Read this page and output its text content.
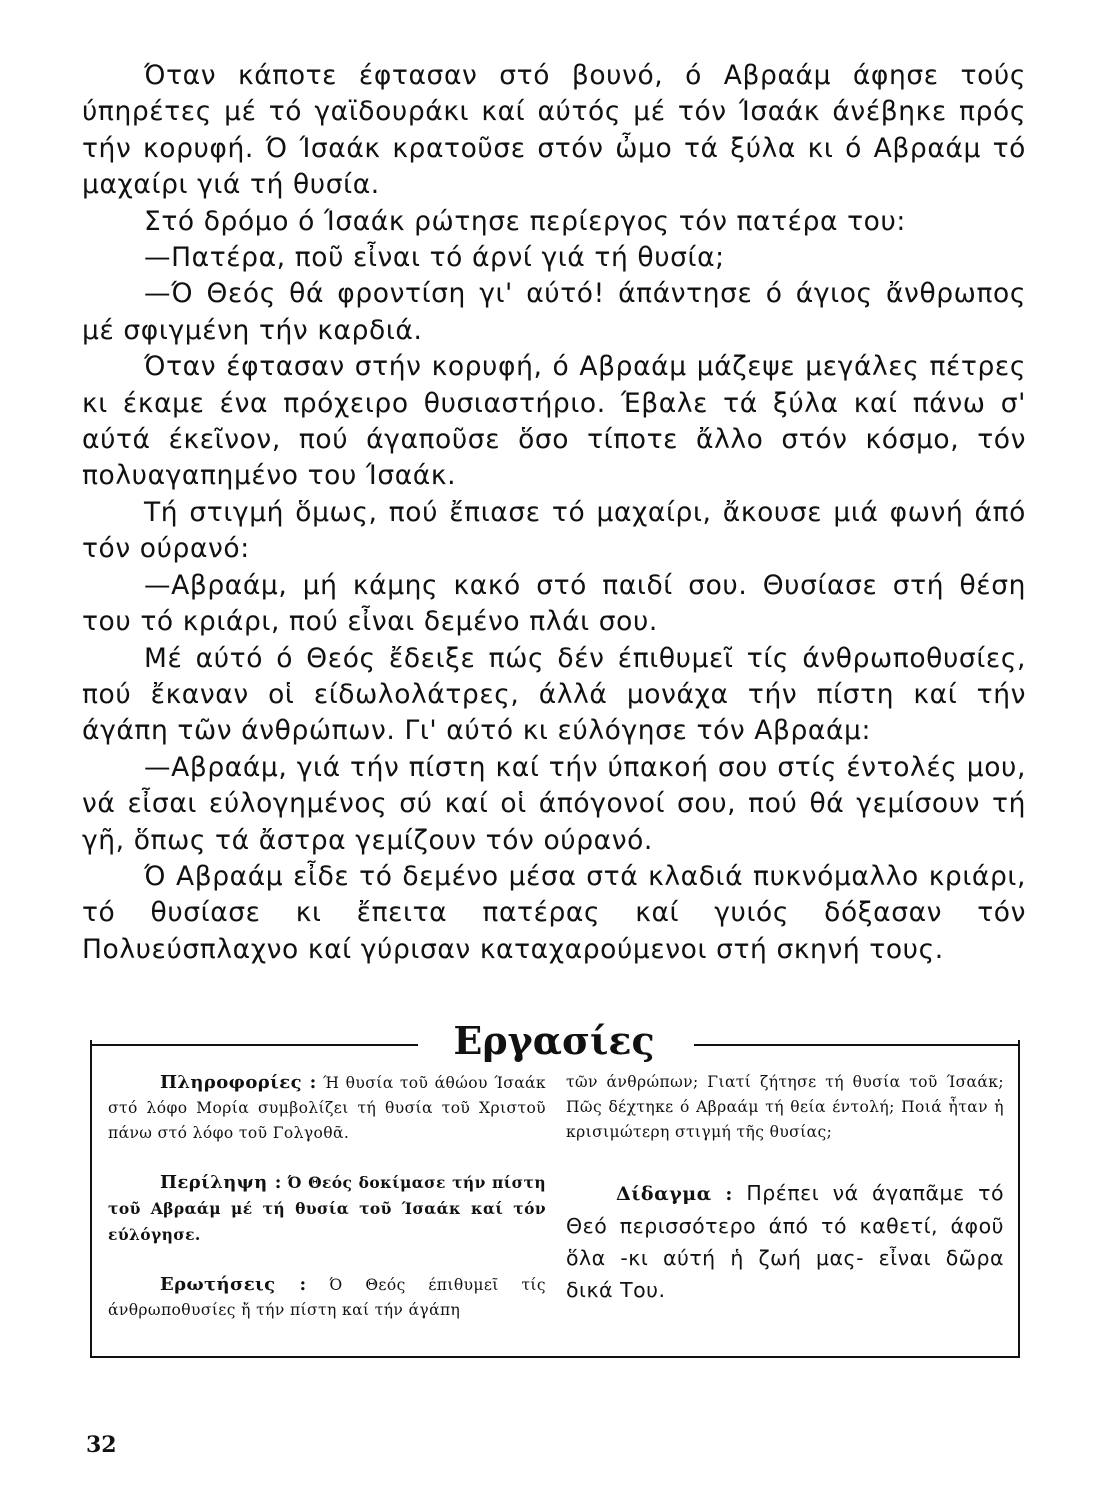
Όταν κάποτε έφτασαν στό βουνό, ό Αβραάμ άφησε τούς ύπηρέτες μέ τό γαϊδουράκι καί αύτός μέ τόν Ίσαάκ άνέβηκε πρός τήν κορυφή. Ό Ίσαάκ κρατοῦσε στόν ὦμο τά ξύλα κι ό Αβραάμ τό μαχαίρι γιά τή θυσία.

Στό δρόμο ό Ίσαάκ ρώτησε περίεργος τόν πατέρα του:

—Πατέρα, ποῦ εἶναι τό άρνί γιά τή θυσία;

—Ό Θεός θά φροντίση γι' αύτό! άπάντησε ό άγιος ἄνθρωπος μέ σφιγμένη τήν καρδιά.

Όταν έφτασαν στήν κορυφή, ό Αβραάμ μάζεψε μεγάλες πέτρες κι έκαμε ένα πρόχειρο θυσιαστήριο. Έβαλε τά ξύλα καί πάνω σ' αύτά έκεῖνον, πού άγαποῦσε ὅσο τίποτε ἄλλο στόν κόσμο, τόν πολυαγαπημένο του Ίσαάκ.

Τή στιγμή ὅμως, πού ἔπιασε τό μαχαίρι, ἄκουσε μιά φωνή άπό τόν ούρανό:

—Αβραάμ, μή κάμης κακό στό παιδί σου. Θυσίασε στή θέση του τό κριάρι, πού εἶναι δεμένο πλάι σου.

Μέ αύτό ό Θεός ἔδειξε πώς δέν έπιθυμεῖ τίς άνθρωποθυσίες, πού ἔκαναν οἱ είδωλολάτρες, άλλά μονάχα τήν πίστη καί τήν άγάπη τῶν άνθρώπων. Γι' αύτό κι εύλόγησε τόν Αβραάμ:

—Αβραάμ, γιά τήν πίστη καί τήν ύπακοή σου στίς έντολές μου, νά εἶσαι εύλογημένος σύ καί οἱ άπόγονοί σου, πού θά γεμίσουν τή γῆ, ὅπως τά ἄστρα γεμίζουν τόν ούρανό.

Ό Αβραάμ εἶδε τό δεμένο μέσα στά κλαδιά πυκνόμαλλο κριάρι, τό θυσίασε κι ἔπειτα πατέρας καί γυιός δόξασαν τόν Πολυεύσπλαχνο καί γύρισαν καταχαρούμενοι στή σκηνή τους.

Πληροφορίες : Ή θυσία τοῦ άθώου Ίσαάκ στό λόφο Μορία συμβολίζει τή θυσία τοῦ Χριστοῦ πάνω στό λόφο τοῦ Γολγοθᾶ.

Περίληψη : Ό Θεός δοκίμασε τήν πίστη τοῦ Αβραάμ μέ τή θυσία τοῦ Ίσαάκ καί τόν εύλόγησε.

Ερωτήσεις : Ό Θεός έπιθυμεῖ τίς άνθρωποθυσίες ἤ τήν πίστη καί τήν άγάπη

τῶν άνθρώπων; Γιατί ζήτησε τή θυσία τοῦ Ίσαάκ; Πῶς δέχτηκε ό Αβραάμ τή θεία έντολή; Ποιά ἦταν ἡ κρισιμώτερη στιγμή τῆς θυσίας;

Δίδαγμα : Πρέπει νά άγαπᾶμε τό Θεό περισσότερο άπό τό καθετί, άφοῦ ὅλα -κι αύτή ἡ ζωή μας- εἶναι δῶρα δικά Του.

Εργασίες
32
